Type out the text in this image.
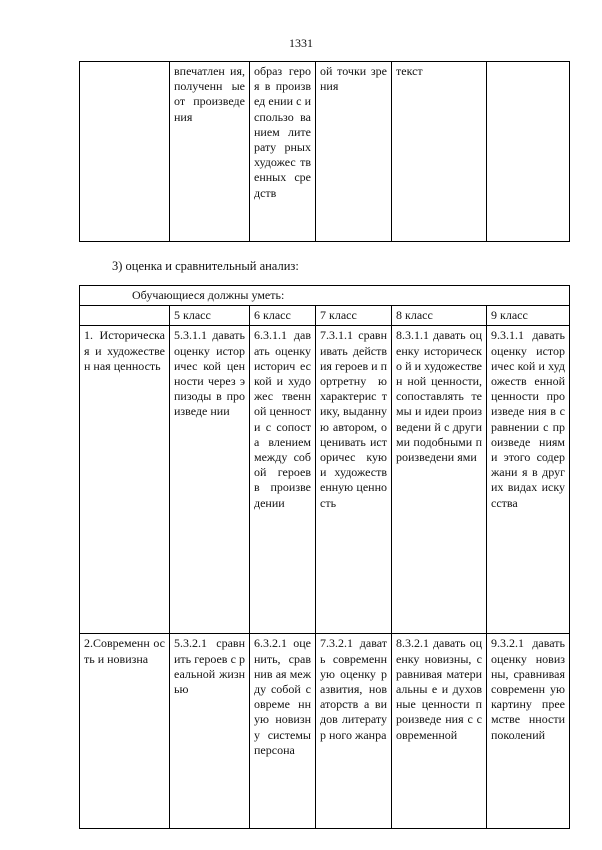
1331
	впечатлен ия, полученн ые от произведе ния	образ героя в произвед ении с использо ванием литерату рных художес твенных средств	ой точки зрения	текст	
3) оценка и сравнительный анализ:
Обучающиеся должны уметь:					
	5 класс	6 класс	7 класс	8 класс	9 класс
1. Историческа я и художествен ная ценность	5.3.1.1 давать оценку историчес кой ценности через эпизоды в произведе нии	6.3.1.1 давать оценку историч еской и художес твенной ценност и с сопоста влением между собой героев в произве дении	7.3.1.1 сравнивать действия героев и портретну ю характерис тику, выданную автором, оценивать историчес кую и художеств енную ценность	8.3.1.1 давать оценку историческо й и художествен ной ценности, сопоставлять темы и идеи произведени й с другими подобными произведени ями	9.3.1.1 давать оценку историчес кой и художеств енной ценности произведе ния в сравнении с произведе ниями этого содержани я в других видах искусства
2.Современн ость и новизна	5.3.2.1 сравнить героев с реальной жизнью	6.3.2.1 оценить, сравнив ая между собой совреме нную новизну системы персона	7.3.2.1 давать современн ую оценку развития, новаторств а видов литератур ного жанра	8.3.2.1 давать оценку новизны, сравнивая материальны е и духовные ценности произведе ния с современной	9.3.2.1 давать оценку новизны, сравнивая современн ую картину преемстве нности поколений
